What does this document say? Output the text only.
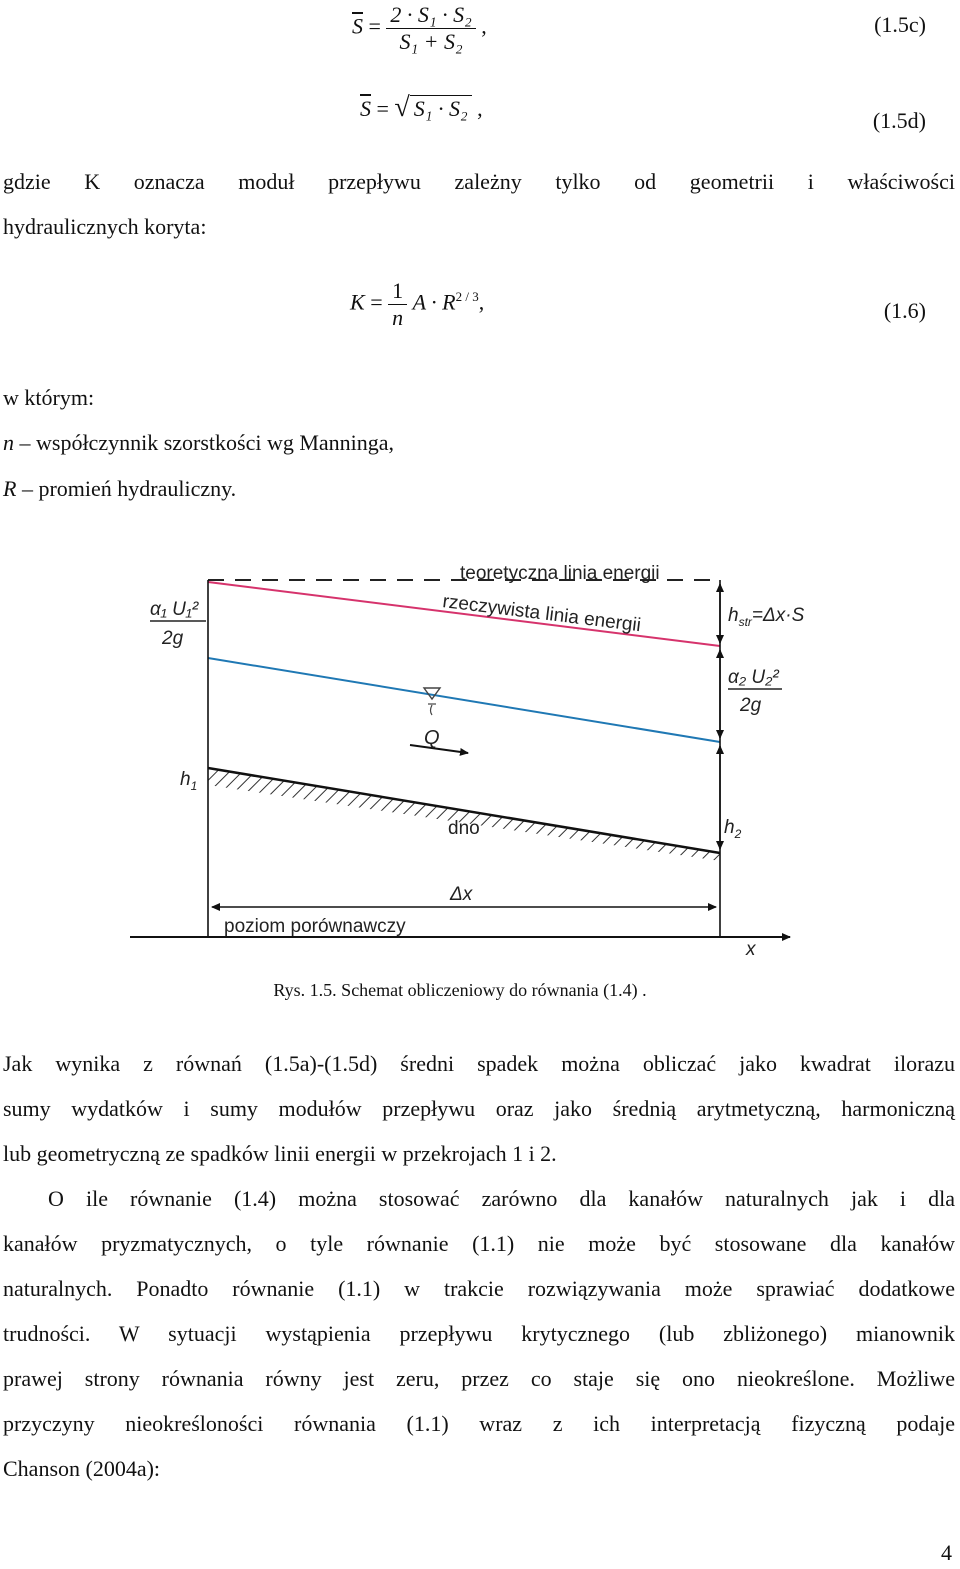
$\overline{S} = \frac{\text{2 · S₁ · S₂}}{\text{S₁ + S₂}}$ ,	(1.5c)
$\overline{S}$ = √ S₁ · S₂ ,	(1.5d)
gdzie K oznacza moduł przepływu zależny tylko od geometrii i właściwości
hydraulicznych koryta:
$K = \frac{1}{n}$ $A \cdot R^{2 / 3}$,	(1.6)
w którym:
n – współczynnik szorstkości wg Manninga,
R – promień hydrauliczny.
teoretyczna linia energii
rzeczywista linia energii
α₁ U₁²
2g
$h_{str}=\Delta x\cdot S$
α₂ U₂²
2g
Q
$h_1$
$h_2$
dno
Δx
poziom porównawczy
x
Rys. 1.5. Schemat obliczeniowy do równania (1.4) .
Jak wynika z równań (1.5a)-(1.5d) średni spadek można obliczać jako kwadrat ilorazu
sumy wydatków i sumy modułów przepływu oraz jako średnią arytmetyczną, harmoniczną
lub geometryczną ze spadków linii energii w przekrojach 1 i 2.
O ile równanie (1.4) można stosować zarówno dla kanałów naturalnych jak i dla
kanałów pryzmatycznych, o tyle równanie (1.1) nie może być stosowane dla kanałów
naturalnych. Ponadto równanie (1.1) w trakcie rozwiązywania może sprawiać dodatkowe
trudności. W sytuacji wystąpienia przepływu krytycznego (lub zbliżonego) mianownik
prawej strony równania równy jest zeru, przez co staje się ono nieokreślone. Możliwe
przyczyny nieokreśloności równania (1.1) wraz z ich interpretacją fizyczną podaje
Chanson (2004a):
4
